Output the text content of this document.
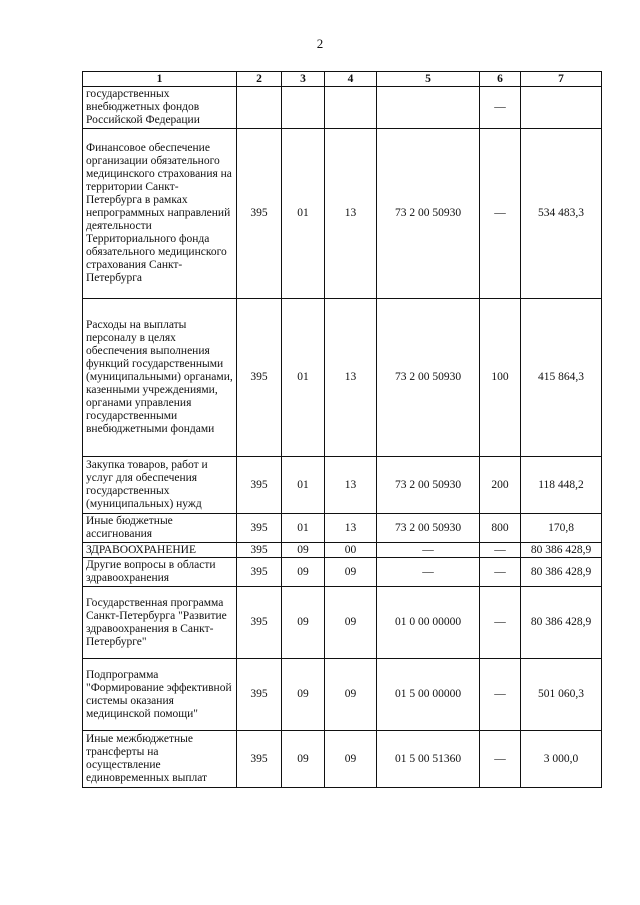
2
1	2	3	4	5	6	7
государственных внебюджетных фондов Российской Федерации					—	
Финансовое обеспечение организации обязательного медицинского страхования на территории Санкт-Петербурга в рамках непрограммных направлений деятельности Территориального фонда обязательного медицинского страхования Санкт-Петербурга	395	01	13	73 2 00 50930	—	534 483,3
Расходы на выплаты персоналу в целях обеспечения выполнения функций государственными (муниципальными) органами, казенными учреждениями, органами управления государственными внебюджетными фондами	395	01	13	73 2 00 50930	100	415 864,3
Закупка товаров, работ и услуг для обеспечения государственных (муниципальных) нужд	395	01	13	73 2 00 50930	200	118 448,2
Иные бюджетные ассигнования	395	01	13	73 2 00 50930	800	170,8
ЗДРАВООХРАНЕНИЕ	395	09	00	—	—	80 386 428,9
Другие вопросы в области здравоохранения	395	09	09	—	—	80 386 428,9
Государственная программа Санкт-Петербурга "Развитие здравоохранения в Санкт-Петербурге"	395	09	09	01 0 00 00000	—	80 386 428,9
Подпрограмма "Формирование эффективной системы оказания медицинской помощи"	395	09	09	01 5 00 00000	—	501 060,3
Иные межбюджетные трансферты на осуществление единовременных выплат	395	09	09	01 5 00 51360	—	3 000,0
